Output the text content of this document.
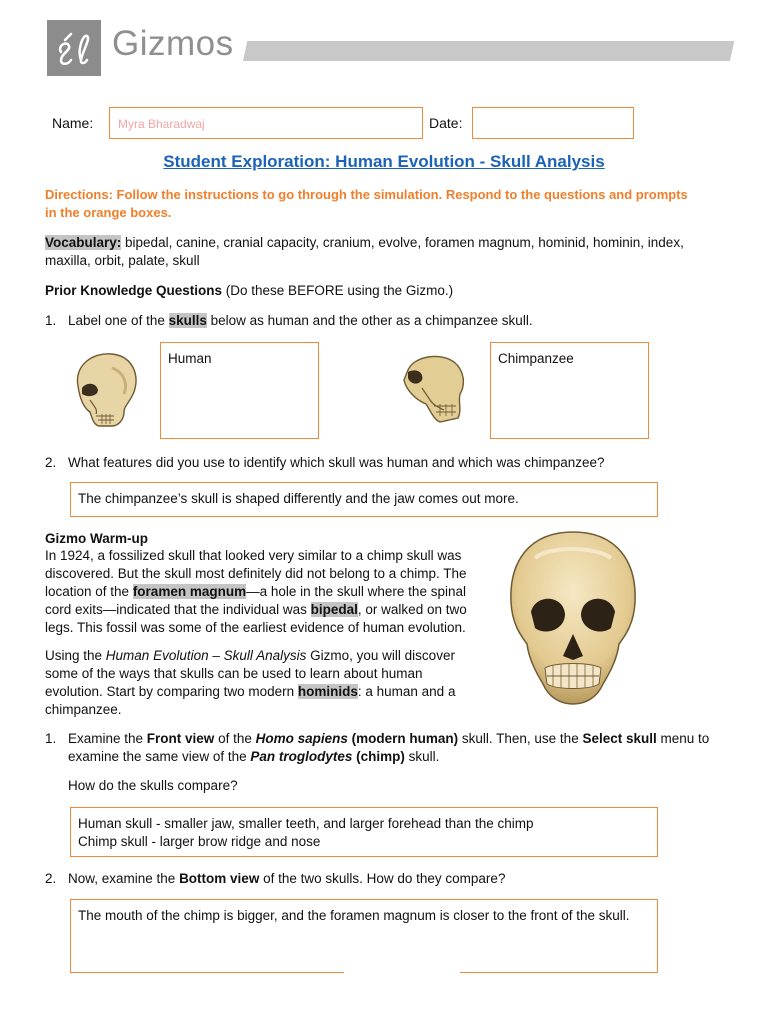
Gizmos
Name:	Myra Bharadwaj	Date:
Student Exploration: Human Evolution - Skull Analysis
Directions: Follow the instructions to go through the simulation. Respond to the questions and prompts in the orange boxes.
Vocabulary: bipedal, canine, cranial capacity, cranium, evolve, foramen magnum, hominid, hominin, index, maxilla, orbit, palate, skull
Prior Knowledge Questions (Do these BEFORE using the Gizmo.)
1. Label one of the skulls below as human and the other as a chimpanzee skull.
Human	Chimpanzee
2. What features did you use to identify which skull was human and which was chimpanzee?
The chimpanzee’s skull is shaped differently and the jaw comes out more.
Gizmo Warm-up
In 1924, a fossilized skull that looked very similar to a chimp skull was discovered. But the skull most definitely did not belong to a chimp. The location of the foramen magnum—a hole in the skull where the spinal cord exits—indicated that the individual was bipedal, or walked on two legs. This fossil was some of the earliest evidence of human evolution.
Using the Human Evolution – Skull Analysis Gizmo, you will discover some of the ways that skulls can be used to learn about human evolution. Start by comparing two modern hominids: a human and a chimpanzee.
1. Examine the Front view of the Homo sapiens (modern human) skull. Then, use the Select skull menu to examine the same view of the Pan troglodytes (chimp) skull.
How do the skulls compare?
Human skull - smaller jaw, smaller teeth, and larger forehead than the chimp
Chimp skull - larger brow ridge and nose
2. Now, examine the Bottom view of the two skulls. How do they compare?
The mouth of the chimp is bigger, and the foramen magnum is closer to the front of the skull.
